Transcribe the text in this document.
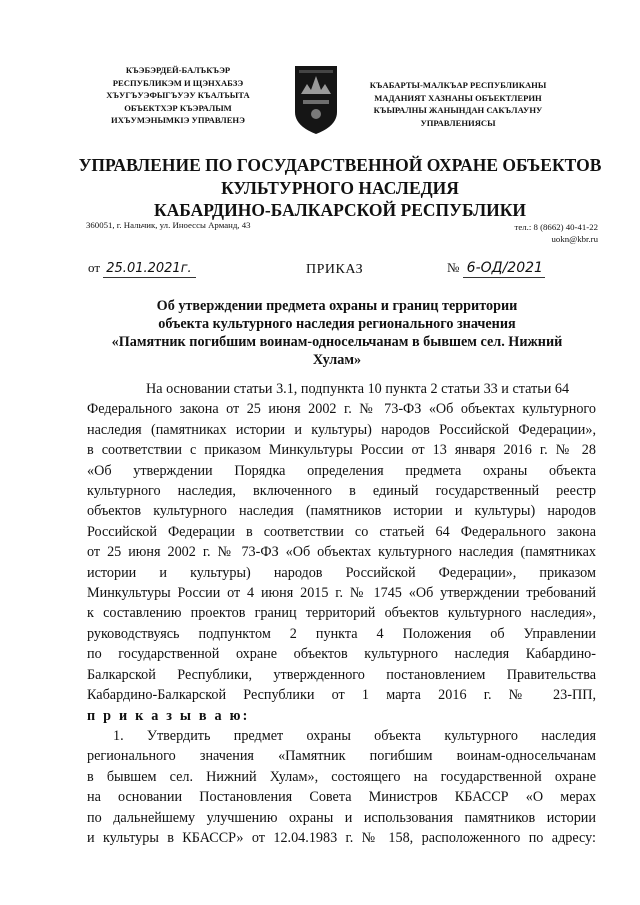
КЪЭБЭРДЕЙ-БАЛЪКЪЭР
РЕСПУБЛИКЭМ И ЩЭНХАБЗЭ
ХЪУГЪУЭФЫГЪУЭУ КЪАЛЪЫТА
ОБЪЕКТХЭР КЪЭРАЛЫМ
ИХЪУМЭНЫМКIЭ УПРАВЛЕНЭ
КЪАБАРТЫ-МАЛКЪАР РЕСПУБЛИКАНЫ
МАДАНИЯТ ХАЗНАНЫ ОБЪЕКТЛЕРИН
КЪЫРАЛНЫ ЖАНЫНДАН САКЪЛАУНУ
УПРАВЛЕНИЯСЫ
УПРАВЛЕНИЕ ПО ГОСУДАРСТВЕННОЙ ОХРАНЕ ОБЪЕКТОВ
КУЛЬТУРНОГО НАСЛЕДИЯ
КАБАРДИНО-БАЛКАРСКОЙ РЕСПУБЛИКИ
360051, г. Нальчик, ул. Иноессы Арманд, 43	тел.: 8 (8662) 40-41-22
uokn@kbr.ru
от 25.01.2021г.	ПРИКАЗ	№ 6-ОД/2021
Об утверждении предмета охраны и границ территории
объекта культурного наследия регионального значения
«Памятник погибшим воинам-односельчанам в бывшем сел. Нижний
Хулам»
На основании статьи 3.1, подпункта 10 пункта 2 статьи 33 и статьи 64
Федерального закона от 25 июня 2002 г. № 73-ФЗ «Об объектах культурного
наследия (памятниках истории и культуры) народов Российской Федерации»,
в соответствии с приказом Минкультуры России от 13 января 2016 г. № 28
«Об утверждении Порядка определения предмета охраны объекта
культурного наследия, включенного в единый государственный реестр
объектов культурного наследия (памятников истории и культуры) народов
Российской Федерации в соответствии со статьей 64 Федерального закона
от 25 июня 2002 г. № 73-ФЗ «Об объектах культурного наследия (памятниках
истории и культуры) народов Российской Федерации», приказом
Минкультуры России от 4 июня 2015 г. № 1745 «Об утверждении требований
к составлению проектов границ территорий объектов культурного наследия»,
руководствуясь подпунктом 2 пункта 4 Положения об Управлении
по государственной охране объектов культурного наследия Кабардино-
Балкарской Республики, утвержденного постановлением Правительства
Кабардино-Балкарской Республики от 1 марта 2016 г. № 23-ПП,
п р и к а з ы в а ю:
1. Утвердить предмет охраны объекта культурного наследия
регионального значения «Памятник погибшим воинам-односельчанам
в бывшем сел. Нижний Хулам», состоящего на государственной охране
на основании Постановления Совета Министров КБАССР «О мерах
по дальнейшему улучшению охраны и использования памятников истории
и культуры в КБАССР» от 12.04.1983 г. № 158, расположенного по адресу:
